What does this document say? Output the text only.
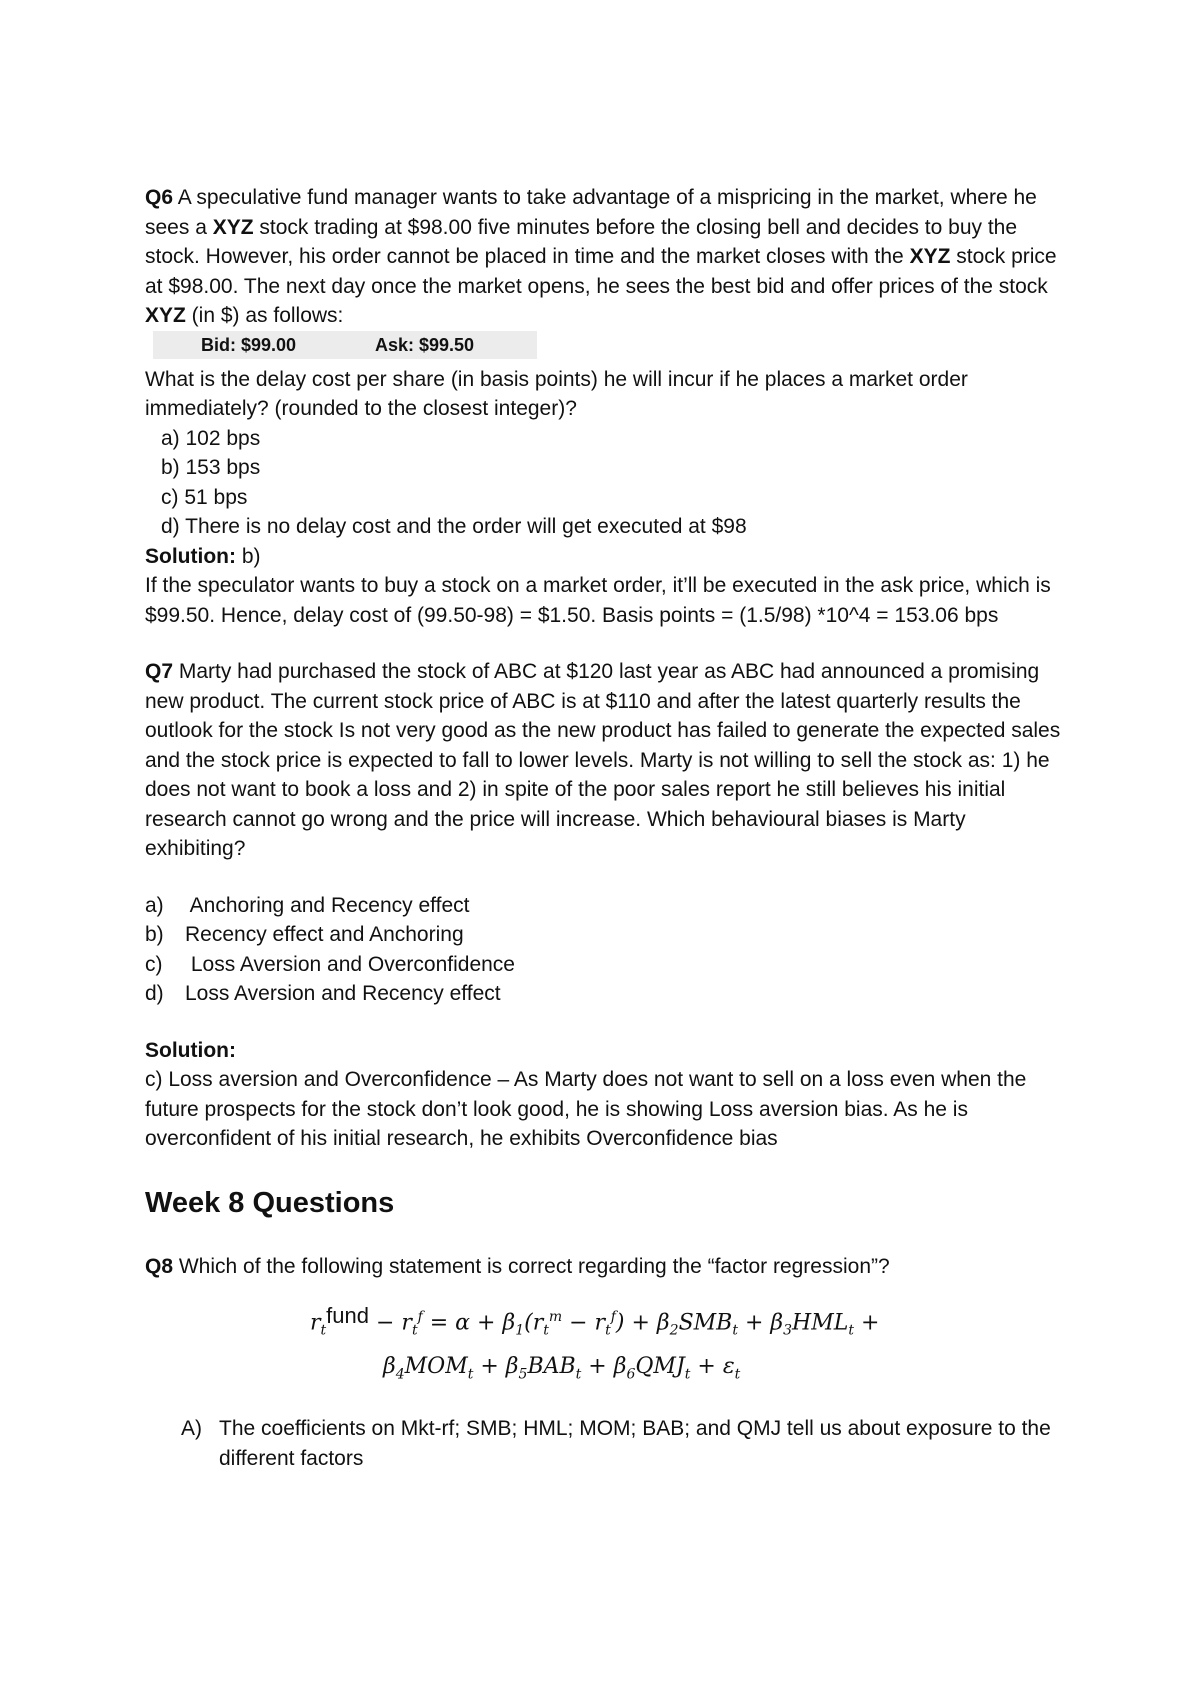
Q6 A speculative fund manager wants to take advantage of a mispricing in the market, where he sees a XYZ stock trading at $98.00 five minutes before the closing bell and decides to buy the stock. However, his order cannot be placed in time and the market closes with the XYZ stock price at $98.00. The next day once the market opens, he sees the best bid and offer prices of the stock XYZ (in $) as follows:

Bid: $99.00	Ask: $99.50

What is the delay cost per share (in basis points) he will incur if he places a market order immediately? (rounded to the closest integer)?

a) 102 bps

b) 153 bps

c) 51 bps

d) There is no delay cost and the order will get executed at $98

Solution: b)

If the speculator wants to buy a stock on a market order, it’ll be executed in the ask price, which is $99.50. Hence, delay cost of (99.50-98) = $1.50. Basis points = (1.5/98) *10^4 = 153.06 bps

Q7 Marty had purchased the stock of ABC at $120 last year as ABC had announced a promising new product. The current stock price of ABC is at $110 and after the latest quarterly results the outlook for the stock Is not very good as the new product has failed to generate the expected sales and the stock price is expected to fall to lower levels. Marty is not willing to sell the stock as: 1) he does not want to book a loss and 2) in spite of the poor sales report he still believes his initial research cannot go wrong and the price will increase. Which behavioural biases is Marty exhibiting?

a) Anchoring and Recency effect

b) Recency effect and Anchoring

c) Loss Aversion and Overconfidence

d) Loss Aversion and Recency effect

Solution:

c) Loss aversion and Overconfidence – As Marty does not want to sell on a loss even when the future prospects for the stock don’t look good, he is showing Loss aversion bias. As he is overconfident of his initial research, he exhibits Overconfidence bias

Week 8 Questions

Q8 Which of the following statement is correct regarding the “factor regression”?

$r_tfund - r_t^f = \alpha + \beta_1(r_t^m - r_t^f) + \beta_2SMB_t + \beta_3HML_t$ +
$\beta_4MOM_t + \beta_5BAB_t + \beta_6QMJ_t + \varepsilon_t$
A) The coefficients on Mkt-rf; SMB; HML; MOM; BAB; and QMJ tell us about exposure to the different factors
